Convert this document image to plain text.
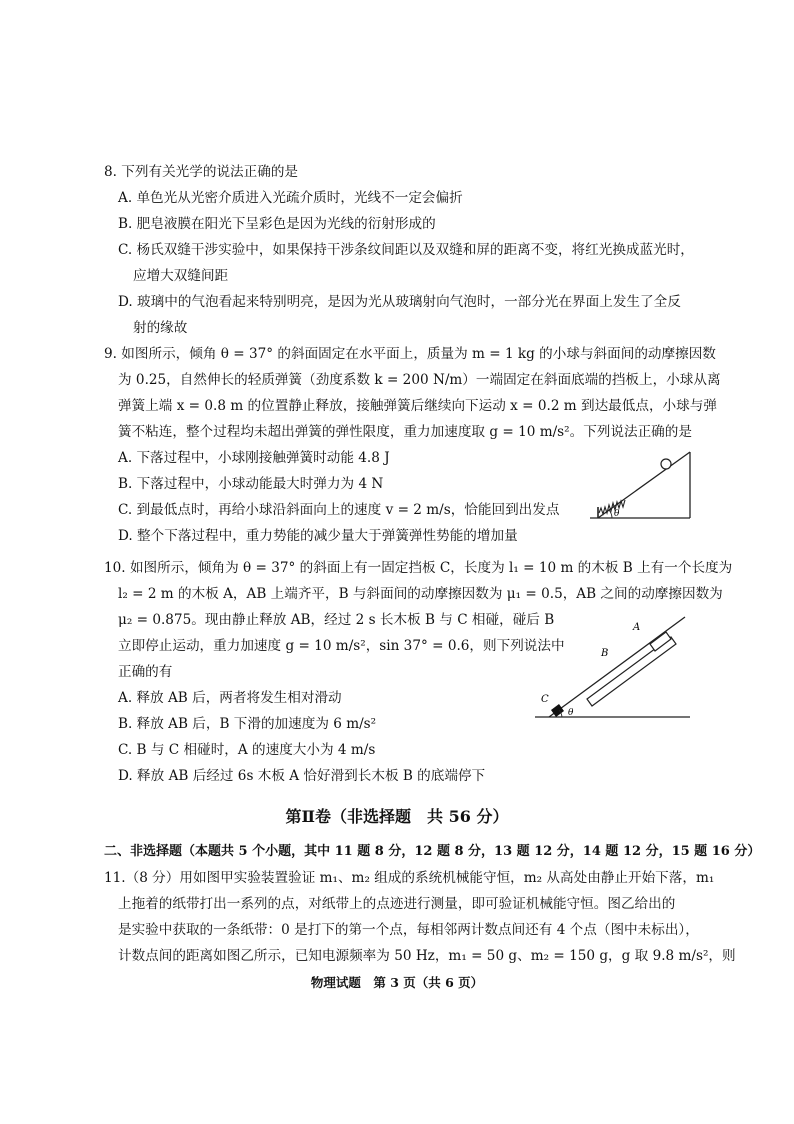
8. 下列有关光学的说法正确的是
A. 单色光从光密介质进入光疏介质时，光线不一定会偏折
B. 肥皂液膜在阳光下呈彩色是因为光线的衍射形成的
C. 杨氏双缝干涉实验中，如果保持干涉条纹间距以及双缝和屏的距离不变，将红光换成蓝光时，
应增大双缝间距
D. 玻璃中的气泡看起来特别明亮，是因为光从玻璃射向气泡时，一部分光在界面上发生了全反
射的缘故
9. 如图所示，倾角 θ = 37° 的斜面固定在水平面上，质量为 m = 1 kg 的小球与斜面间的动摩擦因数
为 0.25，自然伸长的轻质弹簧（劲度系数 k = 200 N/m）一端固定在斜面底端的挡板上，小球从离
弹簧上端 x = 0.8 m 的位置静止释放，接触弹簧后继续向下运动 x = 0.2 m 到达最低点，小球与弹
簧不粘连，整个过程均未超出弹簧的弹性限度，重力加速度取 g = 10 m/s²。下列说法正确的是
A. 下落过程中，小球刚接触弹簧时动能 4.8 J
B. 下落过程中，小球动能最大时弹力为 4 N
C. 到最低点时，再给小球沿斜面向上的速度 v = 2 m/s，恰能回到出发点
D. 整个下落过程中，重力势能的减少量大于弹簧弹性势能的增加量
θ
10. 如图所示，倾角为 θ = 37° 的斜面上有一固定挡板 C，长度为 l₁ = 10 m 的木板 B 上有一个长度为
l₂ = 2 m 的木板 A，AB 上端齐平，B 与斜面间的动摩擦因数为 μ₁ = 0.5，AB 之间的动摩擦因数为
μ₂ = 0.875。现由静止释放 AB，经过 2 s 长木板 B 与 C 相碰，碰后 B
立即停止运动，重力加速度 g = 10 m/s²，sin 37° = 0.6，则下列说法中
正确的有
A. 释放 AB 后，两者将发生相对滑动
B. 释放 AB 后，B 下滑的加速度为 6 m/s²
C. B 与 C 相碰时，A 的速度大小为 4 m/s
D. 释放 AB 后经过 6s 木板 A 恰好滑到长木板 B 的底端停下
A
B
C
θ
第Ⅱ卷（非选择题　共 56 分）
二、非选择题（本题共 5 个小题，其中 11 题 8 分，12 题 8 分，13 题 12 分，14 题 12 分，15 题 16 分）
11.（8 分）用如图甲实验装置验证 m₁、m₂ 组成的系统机械能守恒，m₂ 从高处由静止开始下落，m₁
上拖着的纸带打出一系列的点，对纸带上的点迹进行测量，即可验证机械能守恒。图乙给出的
是实验中获取的一条纸带：0 是打下的第一个点，每相邻两计数点间还有 4 个点（图中未标出），
计数点间的距离如图乙所示，已知电源频率为 50 Hz，m₁ = 50 g、m₂ = 150 g，g 取 9.8 m/s²，则
物理试题　第 3 页（共 6 页）
